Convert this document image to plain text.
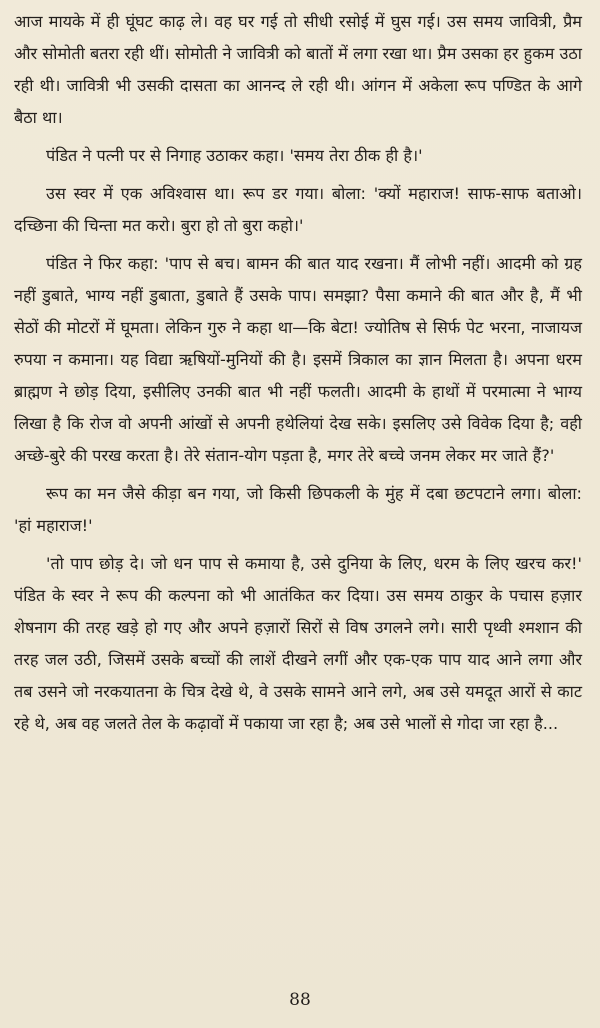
आज मायके में ही घूंघट काढ़ ले। वह घर गई तो सीधी रसोई में घुस गई। उस समय जावित्री, प्रैम और सोमोती बतरा रही थीं। सोमोती ने जावित्री को बातों में लगा रखा था। प्रैम उसका हर हुकम उठा रही थी। जावित्री भी उसकी दासता का आनन्द ले रही थी। आंगन में अकेला रूप पण्डित के आगे बैठा था।

पंडित ने पत्नी पर से निगाह उठाकर कहा। 'समय तेरा ठीक ही है।'

उस स्वर में एक अविश्वास था। रूप डर गया। बोला: 'क्यों महाराज! साफ-साफ बताओ। दच्छिना की चिन्ता मत करो। बुरा हो तो बुरा कहो।'

पंडित ने फिर कहा: 'पाप से बच। बामन की बात याद रखना। मैं लोभी नहीं। आदमी को ग्रह नहीं डुबाते, भाग्य नहीं डुबाता, डुबाते हैं उसके पाप। समझा? पैसा कमाने की बात और है, मैं भी सेठों की मोटरों में घूमता। लेकिन गुरु ने कहा था—कि बेटा! ज्योतिष से सिर्फ पेट भरना, नाजायज रुपया न कमाना। यह विद्या ऋषियों-मुनियों की है। इसमें त्रिकाल का ज्ञान मिलता है। अपना धरम ब्राह्मण ने छोड़ दिया, इसीलिए उनकी बात भी नहीं फलती। आदमी के हाथों में परमात्मा ने भाग्य लिखा है कि रोज वो अपनी आंखों से अपनी हथेलियां देख सके। इसलिए उसे विवेक दिया है; वही अच्छे-बुरे की परख करता है। तेरे संतान-योग पड़ता है, मगर तेरे बच्चे जनम लेकर मर जाते हैं?'

रूप का मन जैसे कीड़ा बन गया, जो किसी छिपकली के मुंह में दबा छटपटाने लगा। बोला: 'हां महाराज!'

'तो पाप छोड़ दे। जो धन पाप से कमाया है, उसे दुनिया के लिए, धरम के लिए खरच कर!' पंडित के स्वर ने रूप की कल्पना को भी आतंकित कर दिया। उस समय ठाकुर के पचास हज़ार शेषनाग की तरह खड़े हो गए और अपने हज़ारों सिरों से विष उगलने लगे। सारी पृथ्वी श्मशान की तरह जल उठी, जिसमें उसके बच्चों की लाशें दीखने लगीं और एक-एक पाप याद आने लगा और तब उसने जो नरकयातना के चित्र देखे थे, वे उसके सामने आने लगे, अब उसे यमदूत आरों से काट रहे थे, अब वह जलते तेल के कढ़ावों में पकाया जा रहा है; अब उसे भालों से गोदा जा रहा है...

88
